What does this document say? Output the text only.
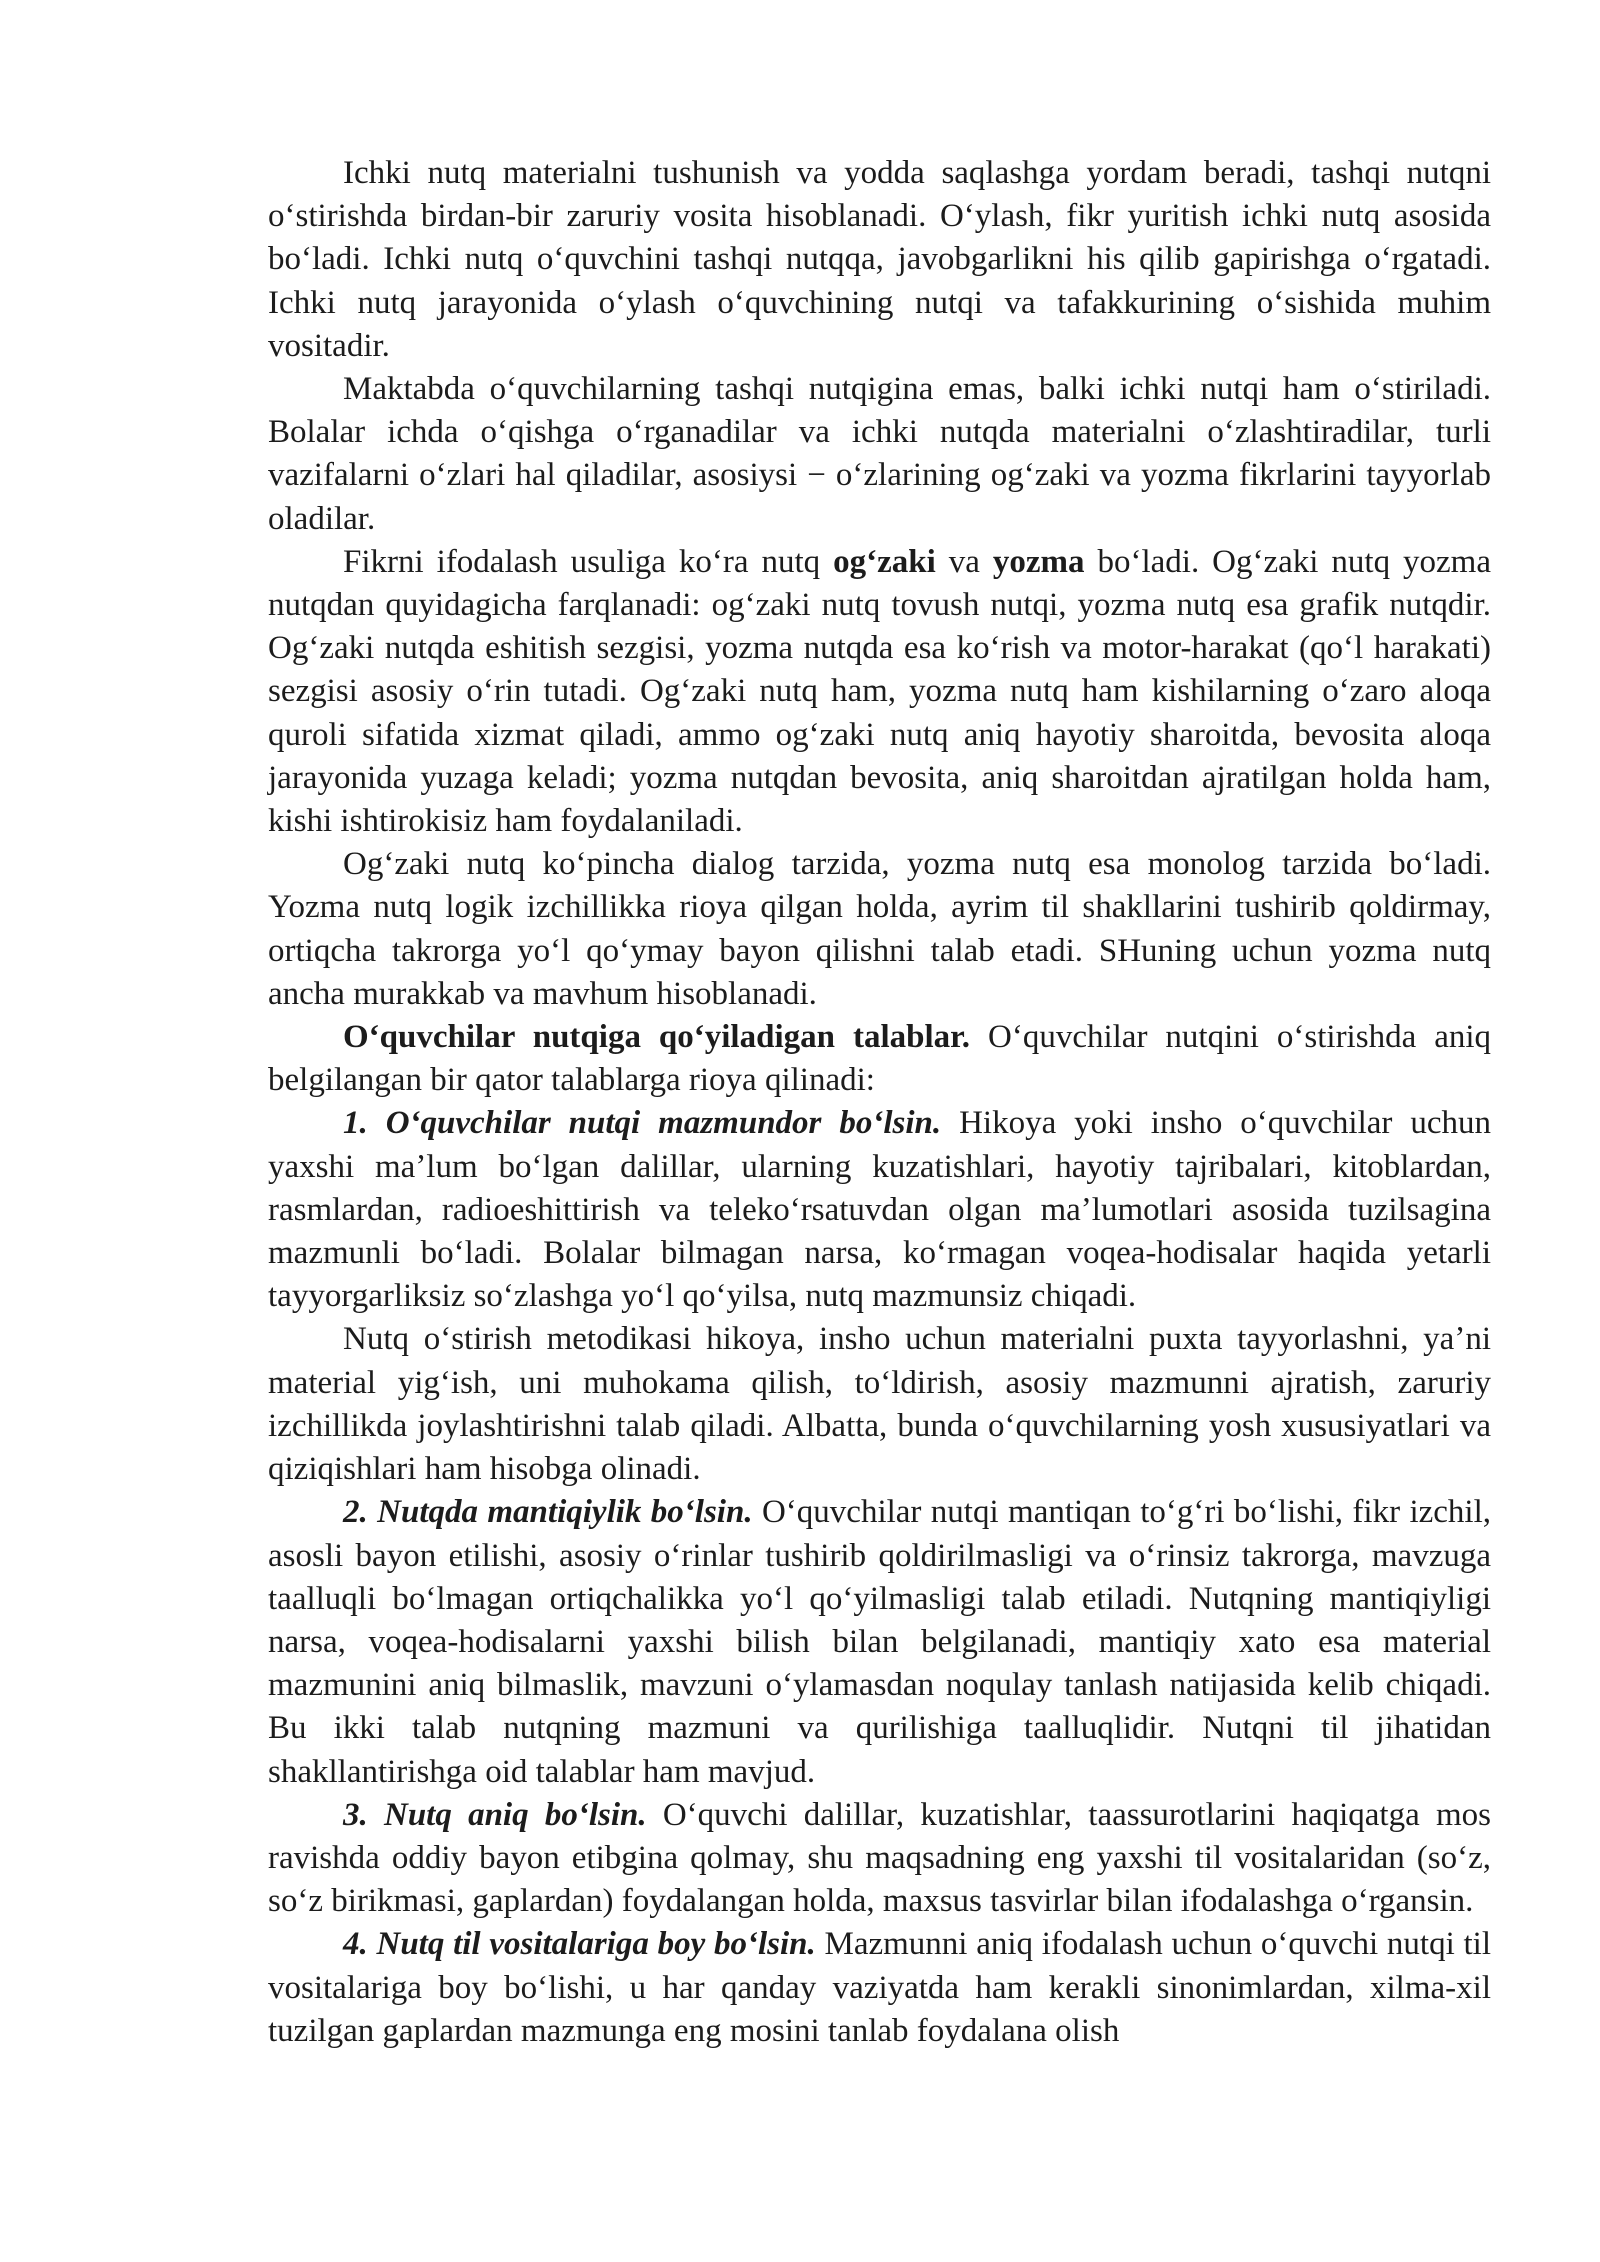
Ichki nutq materialni tushunish va yodda saqlashga yordam beradi, tashqi nutqni oʻstirishda birdan-bir zaruriy vosita hisoblanadi. Oʻylash, fikr yuritish ichki nutq asosida boʻladi. Ichki nutq oʻquvchini tashqi nutqqa, javobgarlikni his qilib gapirishga oʻrgatadi. Ichki nutq jarayonida oʻylash oʻquvchining nutqi va tafakkurining oʻsishida muhim vositadir.

Maktabda oʻquvchilarning tashqi nutqigina emas, balki ichki nutqi ham oʻstiriladi. Bolalar ichda oʻqishga oʻrganadilar va ichki nutqda materialni oʻzlashtiradilar, turli vazifalarni oʻzlari hal qiladilar, asosiysi − oʻzlarining ogʻzaki va yozma fikrlarini tayyorlab oladilar.

Fikrni ifodalash usuliga koʻra nutq ogʻzaki va yozma boʻladi. Ogʻzaki nutq yozma nutqdan quyidagicha farqlanadi: ogʻzaki nutq tovush nutqi, yozma nutq esa grafik nutqdir. Ogʻzaki nutqda eshitish sezgisi, yozma nutqda esa koʻrish va motor-harakat (qoʻl harakati) sezgisi asosiy oʻrin tutadi. Ogʻzaki nutq ham, yozma nutq ham kishilarning oʻzaro aloqa quroli sifatida xizmat qiladi, ammo ogʻzaki nutq aniq hayotiy sharoitda, bevosita aloqa jarayonida yuzaga keladi; yozma nutqdan bevosita, aniq sharoitdan ajratilgan holda ham, kishi ishtirokisiz ham foydalaniladi.

Ogʻzaki nutq koʻpincha dialog tarzida, yozma nutq esa monolog tarzida boʻladi. Yozma nutq logik izchillikka rioya qilgan holda, ayrim til shakllarini tushirib qoldirmay, ortiqcha takrorga yoʻl qoʻymay bayon qilishni talab etadi. SHuning uchun yozma nutq ancha murakkab va mavhum hisoblanadi.

Oʻquvchilar nutqiga qoʻyiladigan talablar. Oʻquvchilar nutqini oʻstirishda aniq belgilangan bir qator talablarga rioya qilinadi:

1. Oʻquvchilar nutqi mazmundor boʻlsin. Hikoya yoki insho oʻquvchilar uchun yaxshi maʼlum boʻlgan dalillar, ularning kuzatishlari, hayotiy tajribalari, kitoblardan, rasmlardan, radioeshittirish va telekoʻrsatuvdan olgan maʼlumotlari asosida tuzilsagina mazmunli boʻladi. Bolalar bilmagan narsa, koʻrmagan voqea-hodisalar haqida yetarli tayyorgarliksiz soʻzlashga yoʻl qoʻyilsa, nutq mazmunsiz chiqadi.

Nutq oʻstirish metodikasi hikoya, insho uchun materialni puxta tayyorlashni, yaʼni material yigʻish, uni muhokama qilish, toʻldirish, asosiy mazmunni ajratish, zaruriy izchillikda joylashtirishni talab qiladi. Albatta, bunda oʻquvchilarning yosh xususiyatlari va qiziqishlari ham hisobga olinadi.

2. Nutqda mantiqiylik boʻlsin. Oʻquvchilar nutqi mantiqan toʻgʻri boʻlishi, fikr izchil, asosli bayon etilishi, asosiy oʻrinlar tushirib qoldirilmasligi va oʻrinsiz takrorga, mavzuga taalluqli boʻlmagan ortiqchalikka yoʻl qoʻyilmasligi talab etiladi. Nutqning mantiqiyligi narsa, voqea-hodisalarni yaxshi bilish bilan belgilanadi, mantiqiy xato esa material mazmunini aniq bilmaslik, mavzuni oʻylamasdan noqulay tanlash natijasida kelib chiqadi. Bu ikki talab nutqning mazmuni va qurilishiga taalluqlidir. Nutqni til jihatidan shakllantirishga oid talablar ham mavjud.

3. Nutq aniq boʻlsin. Oʻquvchi dalillar, kuzatishlar, taassurotlarini haqiqatga mos ravishda oddiy bayon etibgina qolmay, shu maqsadning eng yaxshi til vositalaridan (soʻz, soʻz birikmasi, gaplardan) foydalangan holda, maxsus tasvirlar bilan ifodalashga oʻrgansin.

4. Nutq til vositalariga boy boʻlsin. Mazmunni aniq ifodalash uchun oʻquvchi nutqi til vositalariga boy boʻlishi, u har qanday vaziyatda ham kerakli sinonimlardan, xilma-xil tuzilgan gaplardan mazmunga eng mosini tanlab foydalana olish
